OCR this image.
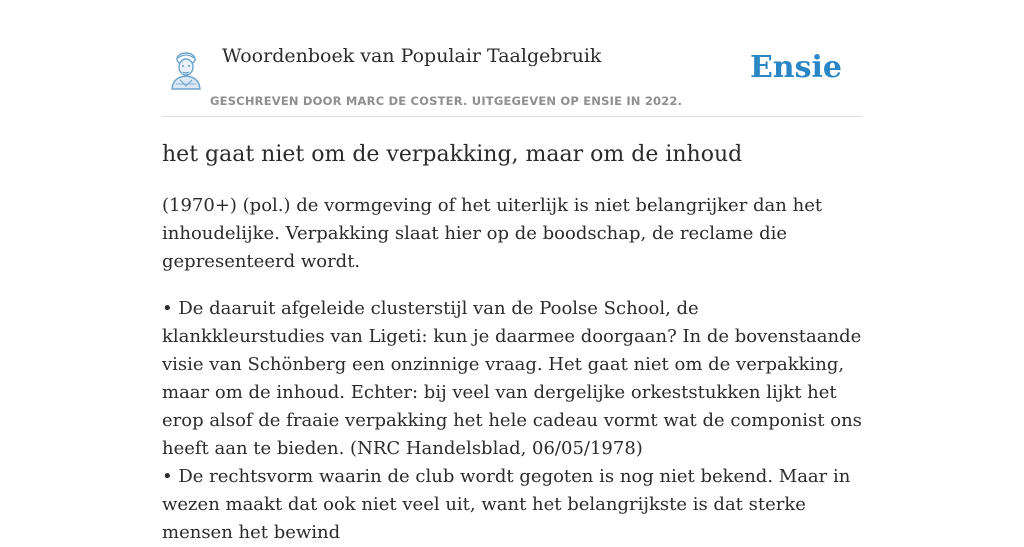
Woordenboek van Populair Taalgebruik
GESCHREVEN DOOR MARC DE COSTER. UITGEGEVEN OP ENSIE IN 2022.
Ensie
het gaat niet om de verpakking, maar om de inhoud

(1970+) (pol.) de vormgeving of het uiterlijk is niet belangrijker dan het inhoudelijke. Verpakking slaat hier op de boodschap, de reclame die gepresenteerd wordt.

• De daaruit afgeleide clusterstijl van de Poolse School, de klankkleurstudies van Ligeti: kun je daarmee doorgaan? In de bovenstaande visie van Schönberg een onzinnige vraag. Het gaat niet om de verpakking, maar om de inhoud. Echter: bij veel van dergelijke orkeststukken lijkt het erop alsof de fraaie verpakking het hele cadeau vormt wat de componist ons heeft aan te bieden. (NRC Handelsblad, 06/05/1978)

• De rechtsvorm waarin de club wordt gegoten is nog niet bekend. Maar in wezen maakt dat ook niet veel uit, want het belangrijkste is dat sterke mensen het bewind
